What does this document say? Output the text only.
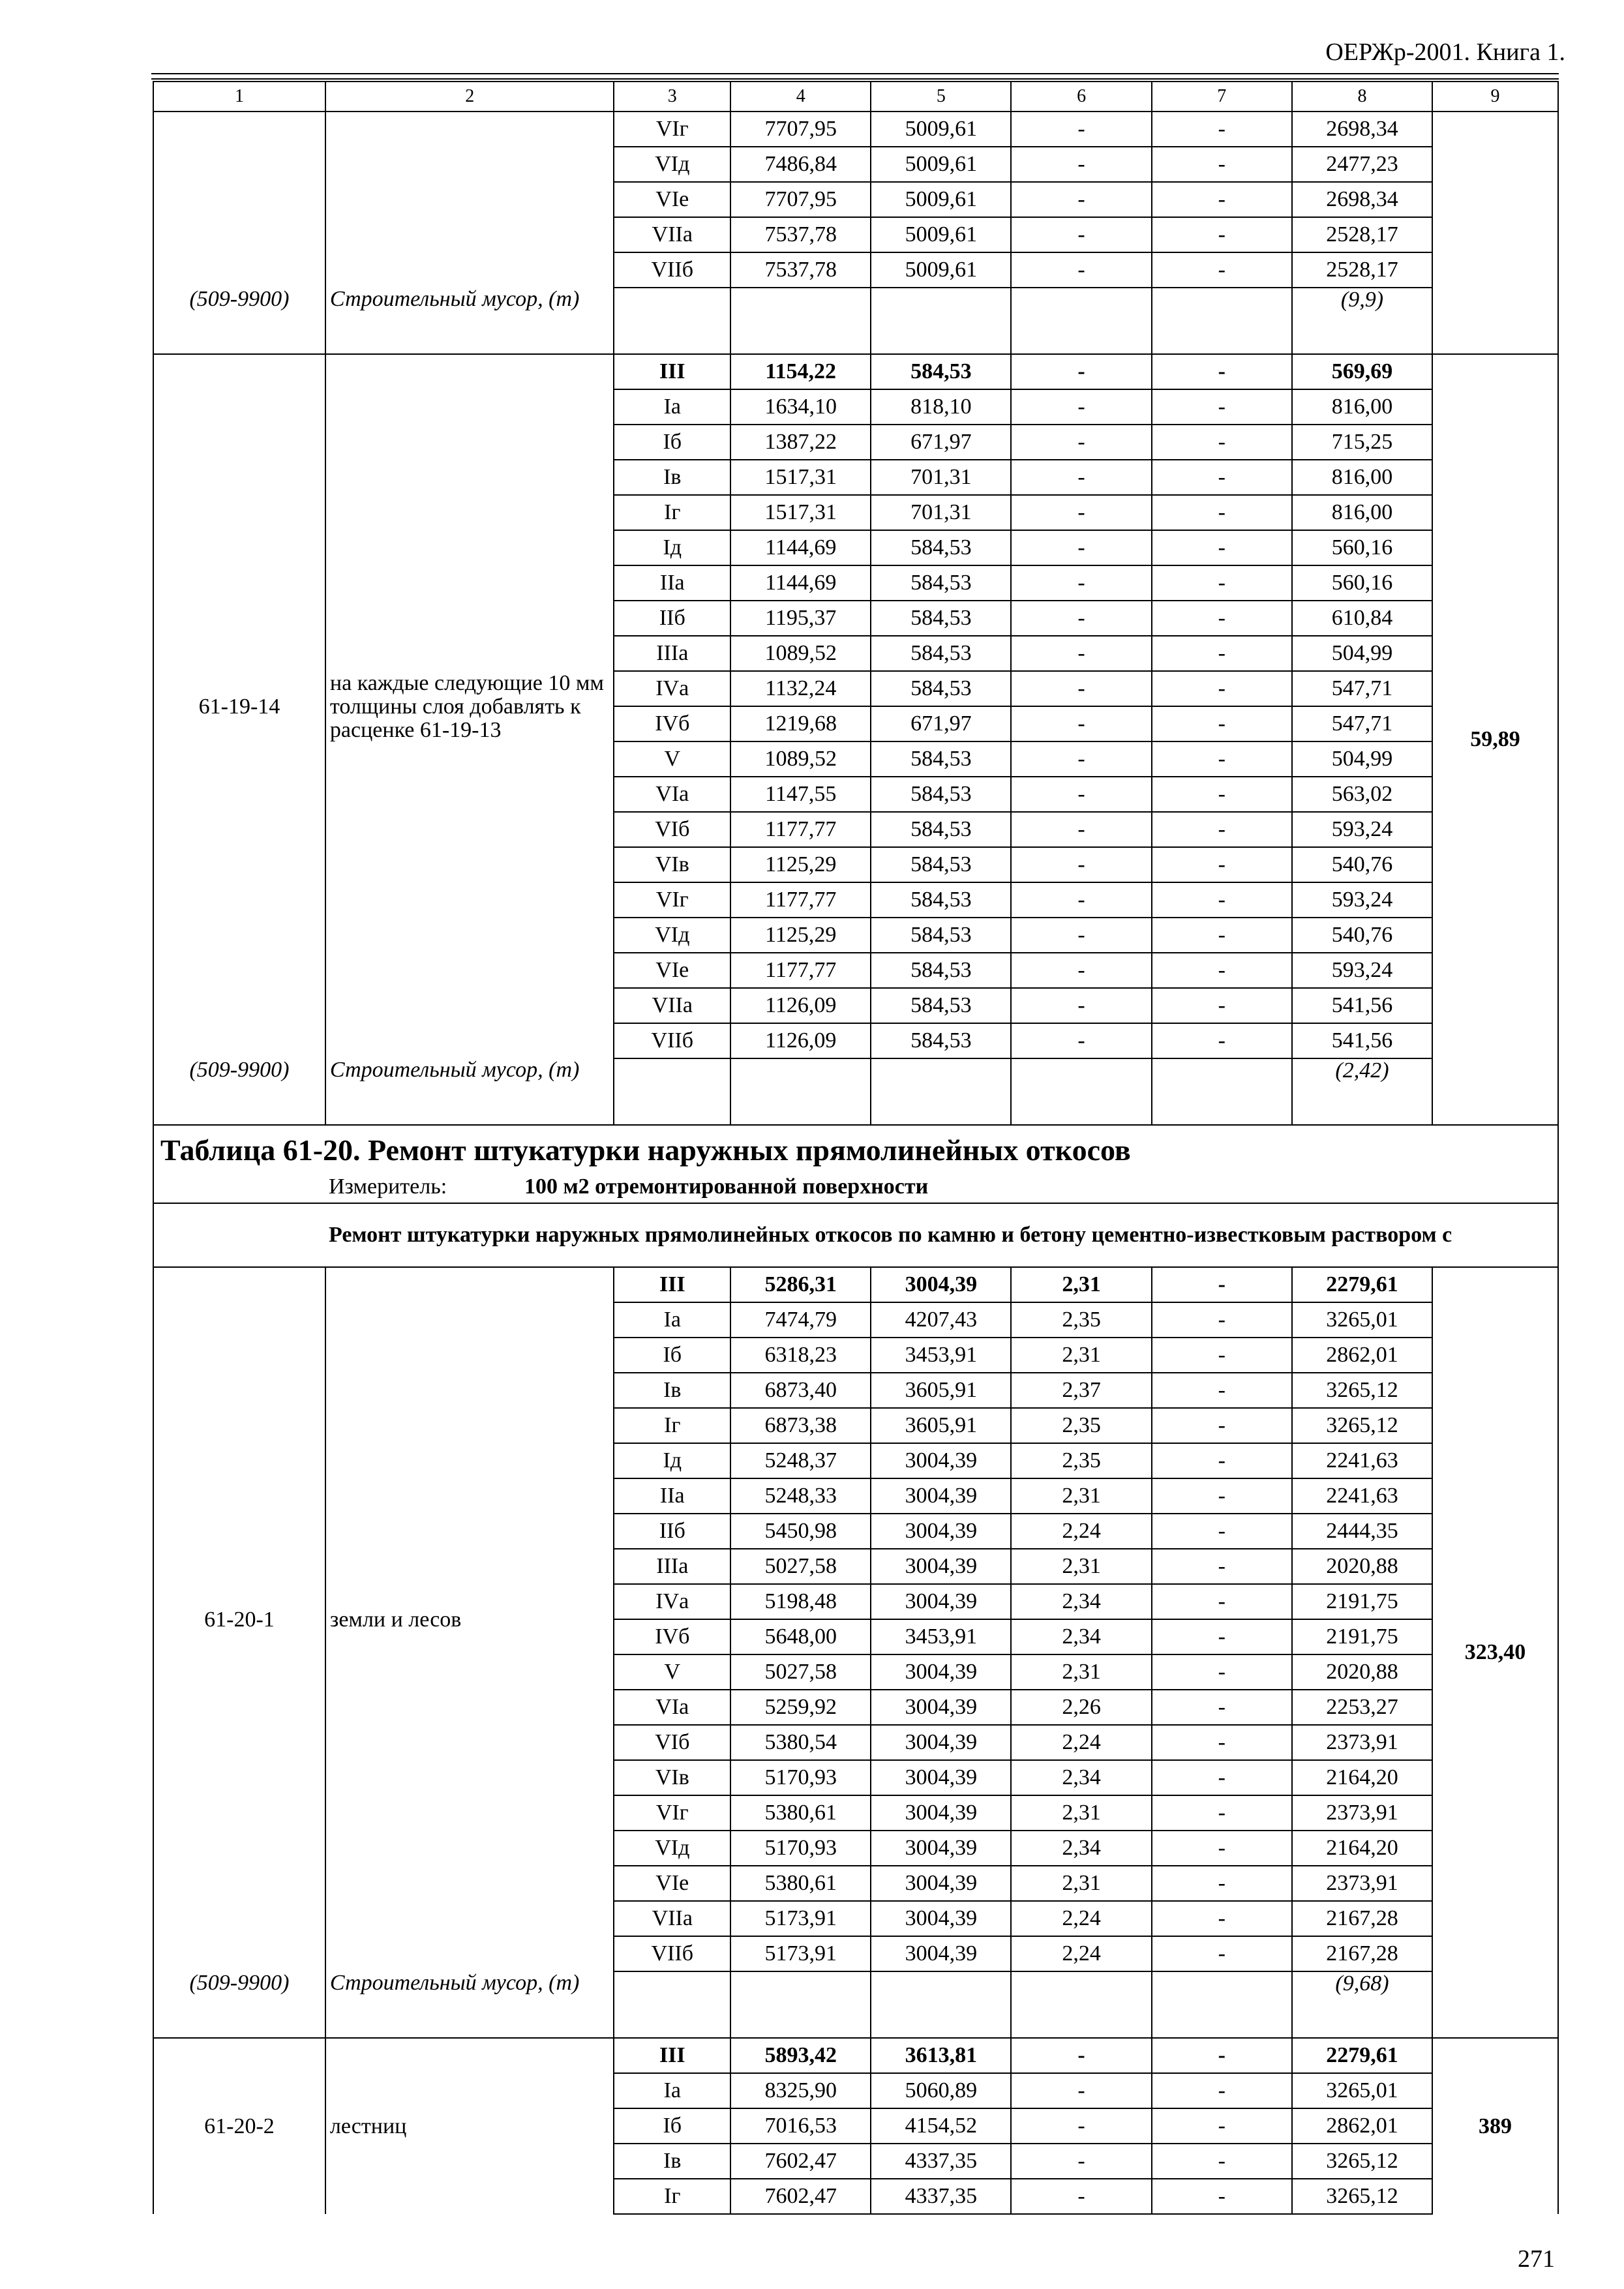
ОЕРЖр-2001. Книга 1.
1	2	3	4	5	6	7	8	9
		VIг	7707,95	5009,61	-	-	2698,34	
		VIд	7486,84	5009,61	-	-	2477,23	
		VIе	7707,95	5009,61	-	-	2698,34	
		VIIа	7537,78	5009,61	-	-	2528,17	
		VIIб	7537,78	5009,61	-	-	2528,17	
(509-9900)	Строительный мусор, (т)						(9,9)	
61-19-14	на каждые следующие 10 мм толщины слоя добавлять к расценке 61-19-13	III	1154,22	584,53	-	-	569,69	59,89
		Iа	1634,10	818,10	-	-	816,00	
		Iб	1387,22	671,97	-	-	715,25	
		Iв	1517,31	701,31	-	-	816,00	
		Iг	1517,31	701,31	-	-	816,00	
		Iд	1144,69	584,53	-	-	560,16	
		IIа	1144,69	584,53	-	-	560,16	
		IIб	1195,37	584,53	-	-	610,84	
		IIIа	1089,52	584,53	-	-	504,99	
		IVа	1132,24	584,53	-	-	547,71	
		IVб	1219,68	671,97	-	-	547,71	
		V	1089,52	584,53	-	-	504,99	
		VIа	1147,55	584,53	-	-	563,02	
		VIб	1177,77	584,53	-	-	593,24	
		VIв	1125,29	584,53	-	-	540,76	
		VIг	1177,77	584,53	-	-	593,24	
		VIд	1125,29	584,53	-	-	540,76	
		VIе	1177,77	584,53	-	-	593,24	
		VIIа	1126,09	584,53	-	-	541,56	
		VIIб	1126,09	584,53	-	-	541,56	
(509-9900)	Строительный мусор, (т)						(2,42)	
Таблица 61-20. Ремонт штукатурки наружных прямолинейных откосов								
Измеритель: 100 м2 отремонтированной поверхности								
Ремонт штукатурки наружных прямолинейных откосов по камню и бетону цементно-известковым раствором с								
61-20-1	земли и лесов	III	5286,31	3004,39	2,31	-	2279,61	323,40
		Iа	7474,79	4207,43	2,35	-	3265,01	
		Iб	6318,23	3453,91	2,31	-	2862,01	
		Iв	6873,40	3605,91	2,37	-	3265,12	
		Iг	6873,38	3605,91	2,35	-	3265,12	
		Iд	5248,37	3004,39	2,35	-	2241,63	
		IIа	5248,33	3004,39	2,31	-	2241,63	
		IIб	5450,98	3004,39	2,24	-	2444,35	
		IIIа	5027,58	3004,39	2,31	-	2020,88	
		IVа	5198,48	3004,39	2,34	-	2191,75	
		IVб	5648,00	3453,91	2,34	-	2191,75	
		V	5027,58	3004,39	2,31	-	2020,88	
		VIа	5259,92	3004,39	2,26	-	2253,27	
		VIб	5380,54	3004,39	2,24	-	2373,91	
		VIв	5170,93	3004,39	2,34	-	2164,20	
		VIг	5380,61	3004,39	2,31	-	2373,91	
		VIд	5170,93	3004,39	2,34	-	2164,20	
		VIе	5380,61	3004,39	2,31	-	2373,91	
		VIIа	5173,91	3004,39	2,24	-	2167,28	
		VIIб	5173,91	3004,39	2,24	-	2167,28	
(509-9900)	Строительный мусор, (т)						(9,68)	
61-20-2	лестниц	III	5893,42	3613,81	-	-	2279,61	389
		Iа	8325,90	5060,89	-	-	3265,01	
		Iб	7016,53	4154,52	-	-	2862,01	
		Iв	7602,47	4337,35	-	-	3265,12	
		Iг	7602,47	4337,35	-	-	3265,12	
271
